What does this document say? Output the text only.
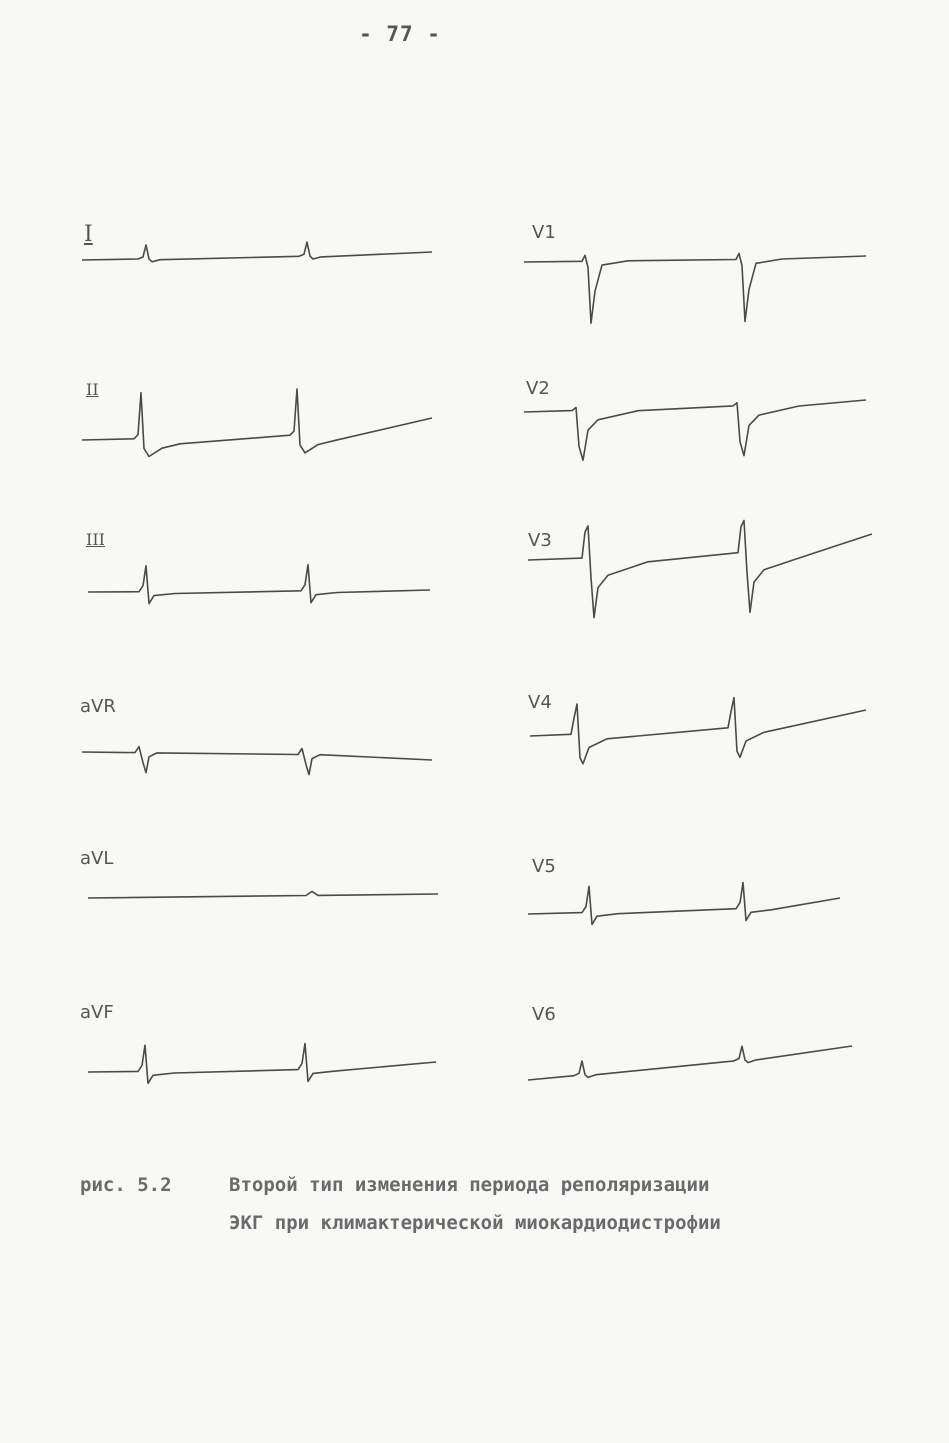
- 77 -
I
II
III
aVR
aVL
aVF
V1
V2
V3
V4
V5
V6
рис. 5.2	Второй тип изменения периода реполяризации
ЭКГ при климактерической миокардиодистрофии
